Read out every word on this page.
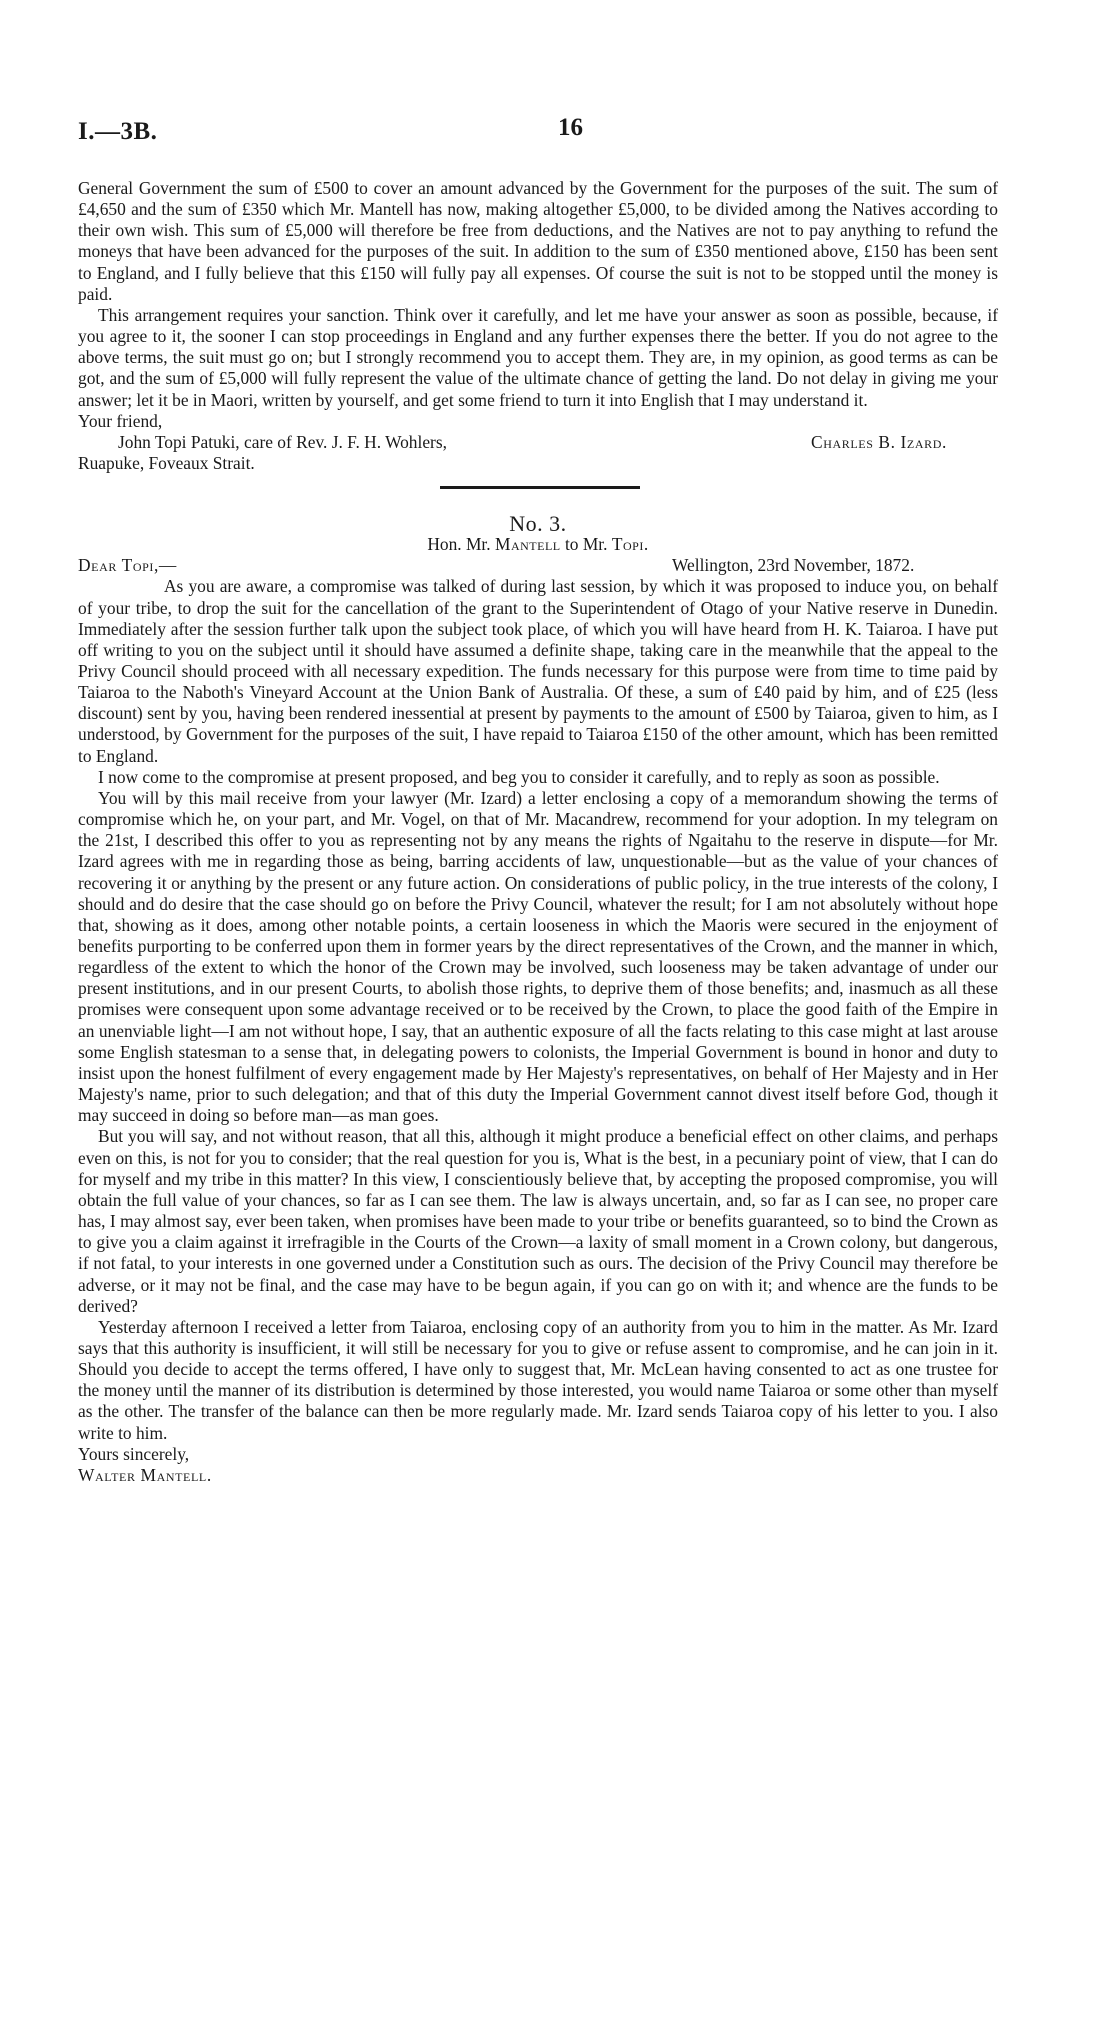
I.—3B.	16

General Government the sum of £500 to cover an amount advanced by the Government for the purposes of the suit. The sum of £4,650 and the sum of £350 which Mr. Mantell has now, making altogether £5,000, to be divided among the Natives according to their own wish. This sum of £5,000 will therefore be free from deductions, and the Natives are not to pay anything to refund the moneys that have been advanced for the purposes of the suit. In addition to the sum of £350 mentioned above, £150 has been sent to England, and I fully believe that this £150 will fully pay all expenses. Of course the suit is not to be stopped until the money is paid.

This arrangement requires your sanction. Think over it carefully, and let me have your answer as soon as possible, because, if you agree to it, the sooner I can stop proceedings in England and any further expenses there the better. If you do not agree to the above terms, the suit must go on; but I strongly recommend you to accept them. They are, in my opinion, as good terms as can be got, and the sum of £5,000 will fully represent the value of the ultimate chance of getting the land. Do not delay in giving me your answer; let it be in Maori, written by yourself, and get some friend to turn it into English that I may understand it.

Your friend,

John Topi Patuki, care of Rev. J. F. H. Wohlers,	Charles B. Izard.

Ruapuke, Foveaux Strait.

No. 3.

Hon. Mr. Mantell to Mr. Topi.

Dear Topi,—	Wellington, 23rd November, 1872.

As you are aware, a compromise was talked of during last session, by which it was proposed to induce you, on behalf of your tribe, to drop the suit for the cancellation of the grant to the Superintendent of Otago of your Native reserve in Dunedin. Immediately after the session further talk upon the subject took place, of which you will have heard from H. K. Taiaroa. I have put off writing to you on the subject until it should have assumed a definite shape, taking care in the meanwhile that the appeal to the Privy Council should proceed with all necessary expedition. The funds necessary for this purpose were from time to time paid by Taiaroa to the Naboth's Vineyard Account at the Union Bank of Australia. Of these, a sum of £40 paid by him, and of £25 (less discount) sent by you, having been rendered inessential at present by payments to the amount of £500 by Taiaroa, given to him, as I understood, by Government for the purposes of the suit, I have repaid to Taiaroa £150 of the other amount, which has been remitted to England.

I now come to the compromise at present proposed, and beg you to consider it carefully, and to reply as soon as possible.

You will by this mail receive from your lawyer (Mr. Izard) a letter enclosing a copy of a memorandum showing the terms of compromise which he, on your part, and Mr. Vogel, on that of Mr. Macandrew, recommend for your adoption. In my telegram on the 21st, I described this offer to you as representing not by any means the rights of Ngaitahu to the reserve in dispute—for Mr. Izard agrees with me in regarding those as being, barring accidents of law, unquestionable—but as the value of your chances of recovering it or anything by the present or any future action. On considerations of public policy, in the true interests of the colony, I should and do desire that the case should go on before the Privy Council, whatever the result; for I am not absolutely without hope that, showing as it does, among other notable points, a certain looseness in which the Maoris were secured in the enjoyment of benefits purporting to be conferred upon them in former years by the direct representatives of the Crown, and the manner in which, regardless of the extent to which the honor of the Crown may be involved, such looseness may be taken advantage of under our present institutions, and in our present Courts, to abolish those rights, to deprive them of those benefits; and, inasmuch as all these promises were consequent upon some advantage received or to be received by the Crown, to place the good faith of the Empire in an unenviable light—I am not without hope, I say, that an authentic exposure of all the facts relating to this case might at last arouse some English statesman to a sense that, in delegating powers to colonists, the Imperial Government is bound in honor and duty to insist upon the honest fulfilment of every engagement made by Her Majesty's representatives, on behalf of Her Majesty and in Her Majesty's name, prior to such delegation; and that of this duty the Imperial Government cannot divest itself before God, though it may succeed in doing so before man—as man goes.

But you will say, and not without reason, that all this, although it might produce a beneficial effect on other claims, and perhaps even on this, is not for you to consider; that the real question for you is, What is the best, in a pecuniary point of view, that I can do for myself and my tribe in this matter? In this view, I conscientiously believe that, by accepting the proposed compromise, you will obtain the full value of your chances, so far as I can see them. The law is always uncertain, and, so far as I can see, no proper care has, I may almost say, ever been taken, when promises have been made to your tribe or benefits guaranteed, so to bind the Crown as to give you a claim against it irrefragible in the Courts of the Crown—a laxity of small moment in a Crown colony, but dangerous, if not fatal, to your interests in one governed under a Constitution such as ours. The decision of the Privy Council may therefore be adverse, or it may not be final, and the case may have to be begun again, if you can go on with it; and whence are the funds to be derived?

Yesterday afternoon I received a letter from Taiaroa, enclosing copy of an authority from you to him in the matter. As Mr. Izard says that this authority is insufficient, it will still be necessary for you to give or refuse assent to compromise, and he can join in it. Should you decide to accept the terms offered, I have only to suggest that, Mr. McLean having consented to act as one trustee for the money until the manner of its distribution is determined by those interested, you would name Taiaroa or some other than myself as the other. The transfer of the balance can then be more regularly made. Mr. Izard sends Taiaroa copy of his letter to you. I also write to him.

Yours sincerely,

Walter Mantell.
